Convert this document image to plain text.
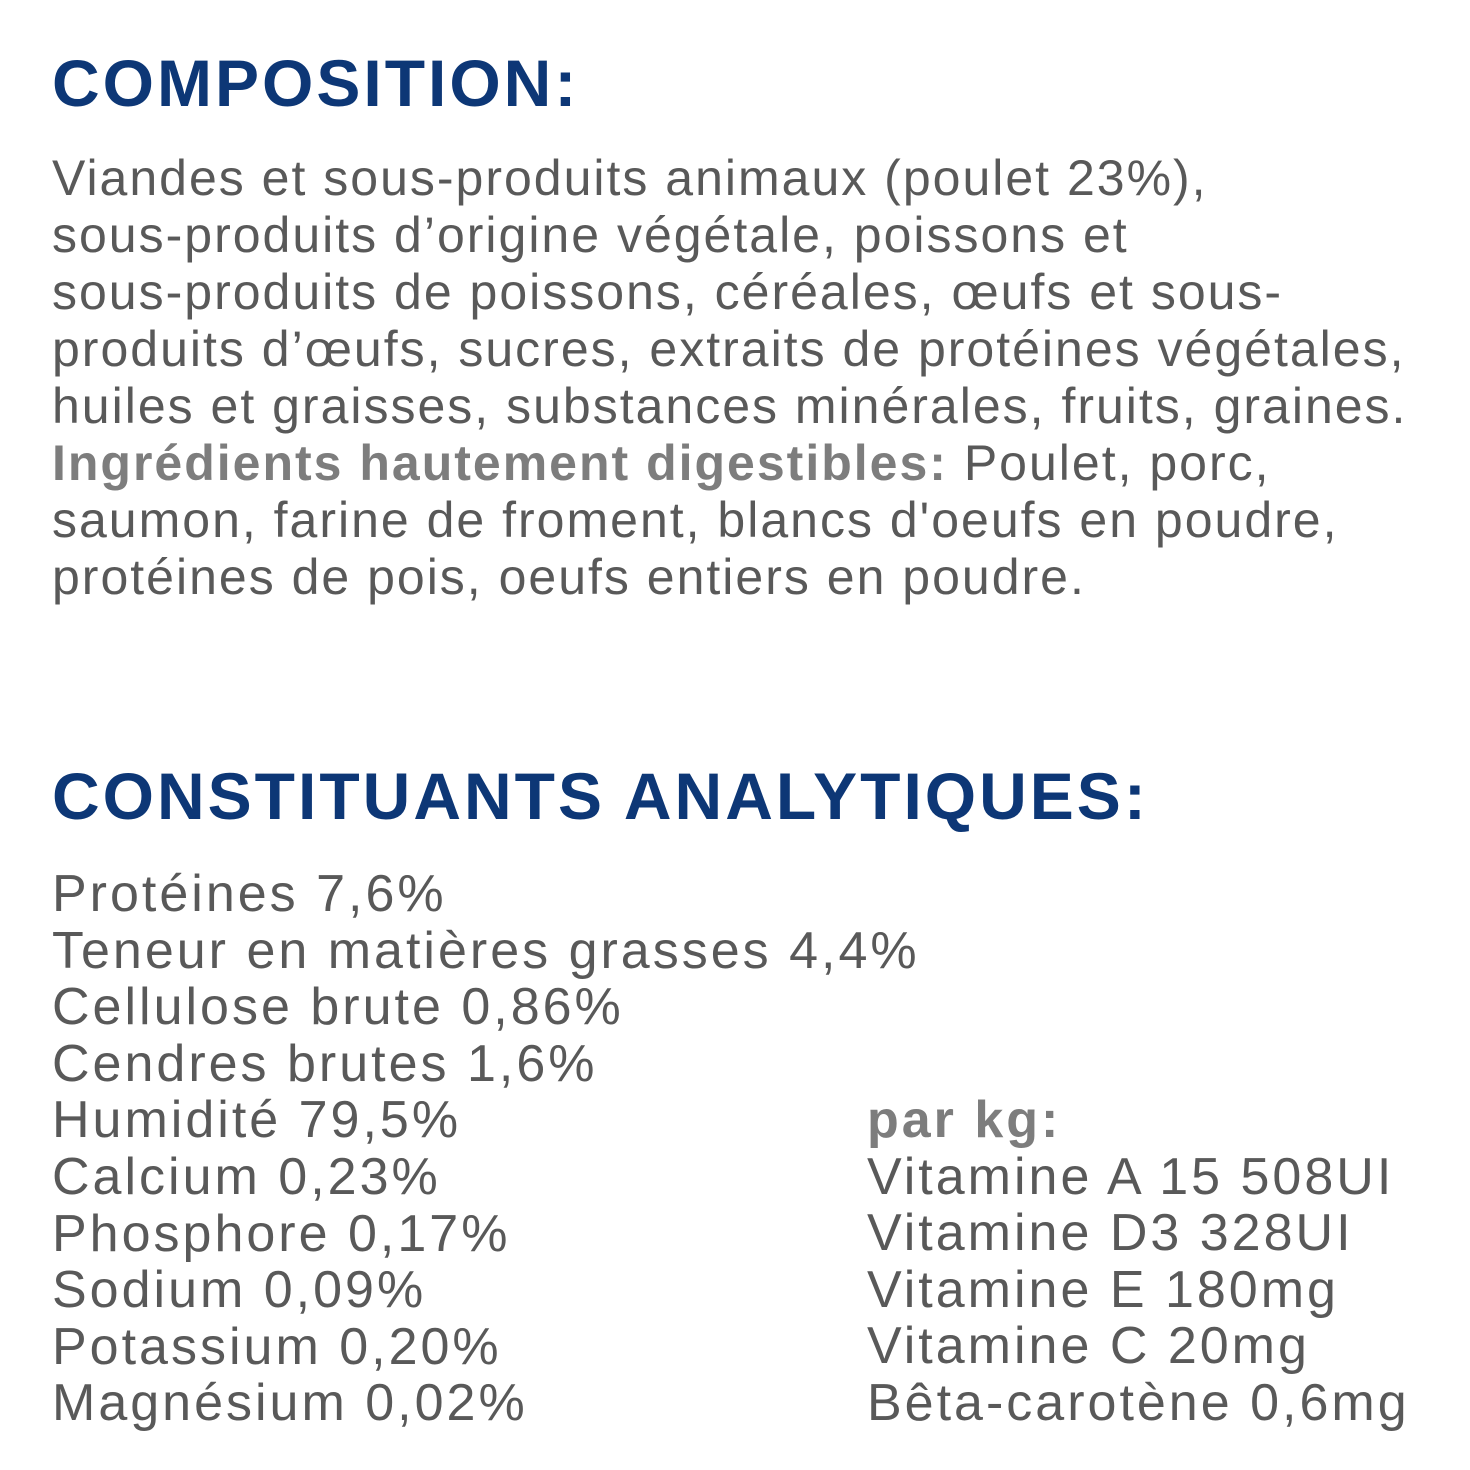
COMPOSITION:
Viandes et sous-produits animaux (poulet 23%),
sous-produits d’origine végétale, poissons et
sous-produits de poissons, céréales, œufs et sous-
produits d’œufs, sucres, extraits de protéines végétales,
huiles et graisses, substances minérales, fruits, graines.
Ingrédients hautement digestibles: Poulet, porc,
saumon, farine de froment, blancs d'oeufs en poudre,
protéines de pois, oeufs entiers en poudre.
CONSTITUANTS ANALYTIQUES:
Protéines 7,6%
Teneur en matières grasses 4,4%
Cellulose brute 0,86%
Cendres brutes 1,6%
Humidité 79,5%
Calcium 0,23%
Phosphore 0,17%
Sodium 0,09%
Potassium 0,20%
Magnésium 0,02%
par kg:
Vitamine A 15 508UI
Vitamine D3 328UI
Vitamine E 180mg
Vitamine C 20mg
Bêta-carotène 0,6mg
